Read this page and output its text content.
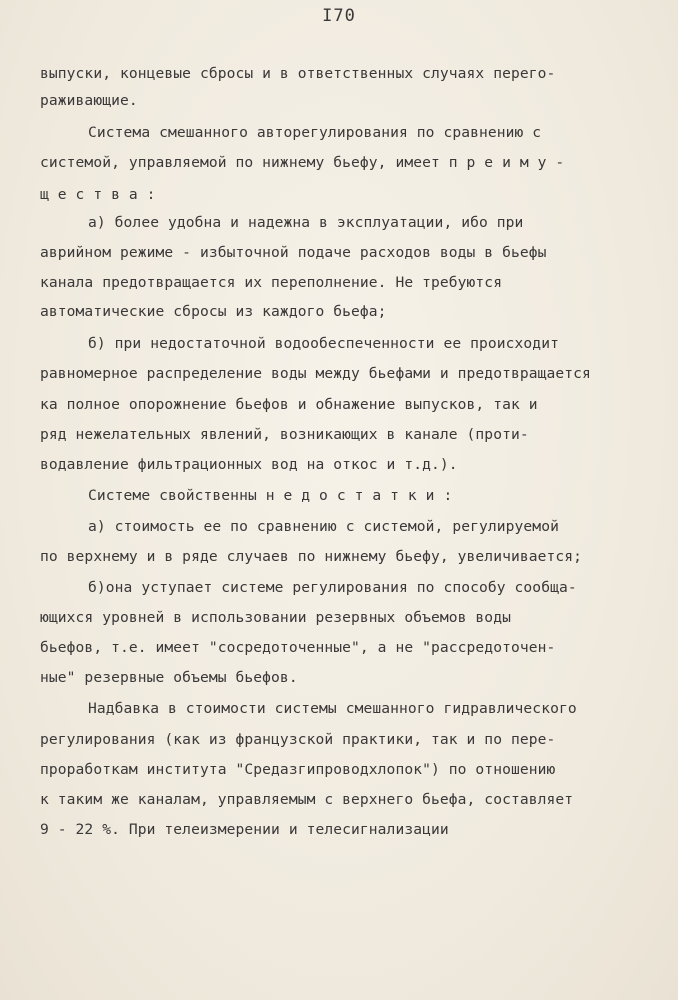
I70
выпуски, концевые сбросы и в ответственных случаях перего-
раживающие.
Система смешанного авторегулирования по сравнению с
системой, управляемой по нижнему бьефу, имеет п р е и м у -
щ е с т в а :
а) более удобна и надежна в эксплуатации, ибо при
аврийном режиме - избыточной подаче расходов воды в бьефы
канала предотвращается их переполнение. Не требуются
автоматические сбросы из каждого бьефа;
б) при недостаточной водообеспеченности ее происходит
равномерное распределение воды между бьефами и предотвращается
ка полное опорожнение бьефов и обнажение выпусков, так и
ряд нежелательных явлений, возникающих в канале (проти-
водавление фильтрационных вод на откос и т.д.).
Системе свойственны н е д о с т а т к и :
а) стоимость ее по сравнению с системой, регулируемой
по верхнему и в ряде случаев по нижнему бьефу, увеличивается;
б)она уступает системе регулирования по способу сообща-
ющихся уровней в использовании резервных объемов воды
бьефов, т.е. имеет "сосредоточенные", а не "рассредоточен-
ные" резервные объемы бьефов.
Надбавка в стоимости системы смешанного гидравлического
регулирования (как из французской практики, так и по пере-
проработкам института "Средазгипроводхлопок") по отношению
к таким же каналам, управляемым с верхнего бьефа, составляет
9 - 22 %. При телеизмерении и телесигнализации
